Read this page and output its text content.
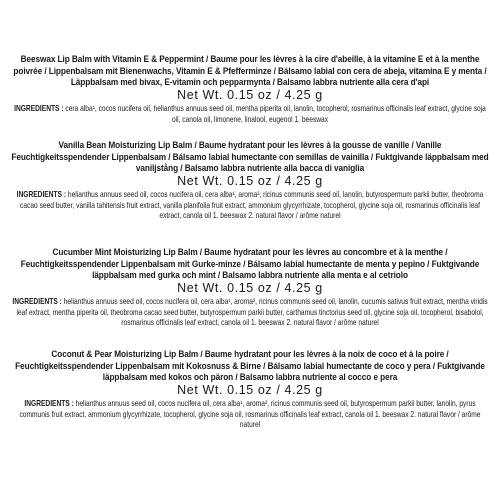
Beeswax Lip Balm with Vitamin E & Peppermint / Baume pour les lèvres à la cire d'abeille, à la vitamine E et à la menthe poivrée / Lippenbalsam mit Bienenwachs, Vitamin E & Pfefferminze / Bálsamo labial con cera de abeja, vitamina E y menta / Läppbalsam med bivax, E-vitamin och pepparmynta / Balsamo labbra nutriente alla cera d'api
Net Wt. 0.15 oz / 4.25 g
INGREDIENTS : cera alba¹, cocos nucifera oil, helianthus annuus seed oil, mentha piperita oil, lanolin, tocopherol, rosmarinus officinalis leaf extract, glycine soja oil, canola oil, limonene, linalool, eugenol 1. beeswax
Vanilla Bean Moisturizing Lip Balm / Baume hydratant pour les lèvres à la gousse de vanille / Vanille Feuchtigkeitsspendender Lippenbalsam / Bálsamo labial humectante con semillas de vainilla / Fuktgivande läppbalsam med vaniljstång / Balsamo labbra nutriente alla bacca di vaniglia
Net Wt. 0.15 oz / 4.25 g
INGREDIENTS : helianthus annuus seed oil, cocos nucifera oil, cera alba¹, aroma², ricinus communis seed oil, lanolin, butyrospermum parkii butter, theobroma cacao seed butter, vanilla tahitensis fruit extract, vanilla planifolia fruit extract, ammonium glycyrrhizate, tocopherol, glycine soja oil, rosmarinus officinalis leaf extract, canola oil 1. beeswax 2. natural flavor / arôme naturel
Cucumber Mint Moisturizing Lip Balm / Baume hydratant pour les lèvres au concombre et à la menthe / Feuchtigkeitsspendender Lippenbalsam mit Gurke-minze / Bálsamo labial humectante de menta y pepino / Fuktgivande läppbalsam med gurka och mint / Balsamo labbra nutriente alla menta e al cetriolo
Net Wt. 0.15 oz / 4.25 g
INGREDIENTS : helianthus annuus seed oil, cocos nucifera oil, cera alba¹, aroma², ricinus communis seed oil, lanolin, cucumis sativus fruit extract, mentha viridis leaf extract, mentha piperita oil, theobroma cacao seed butter, butyrospermum parkii butter, carthamus tinctorius seed oil, glycine soja oil, tocopherol, bisabolol, rosmarinus officinalis leaf extract, canola oil 1. beeswax 2. natural flavor / arôme naturel
Coconut & Pear Moisturizing Lip Balm / Baume hydratant pour les lèvres à la noix de coco et à la poire / Feuchtigkeitsspendender Lippenbalsam mit Kokosnuss & Birne / Bálsamo labial humectante de coco y pera / Fuktgivande läppbalsam med kokos och päron / Balsamo labbra nutriente al cocco e pera
Net Wt. 0.15 oz / 4.25 g
INGREDIENTS : helianthus annuus seed oil, cocos nucifera oil, cera alba¹, aroma², ricinus communis seed oil, butyrospermum parkii butter, lanolin, pyrus communis fruit extract, ammonium glycyrrhizate, tocopherol, glycine soja oil, rosmarinus officinalis leaf extract, canola oil 1. beeswax 2. natural flavor / arôme naturel
